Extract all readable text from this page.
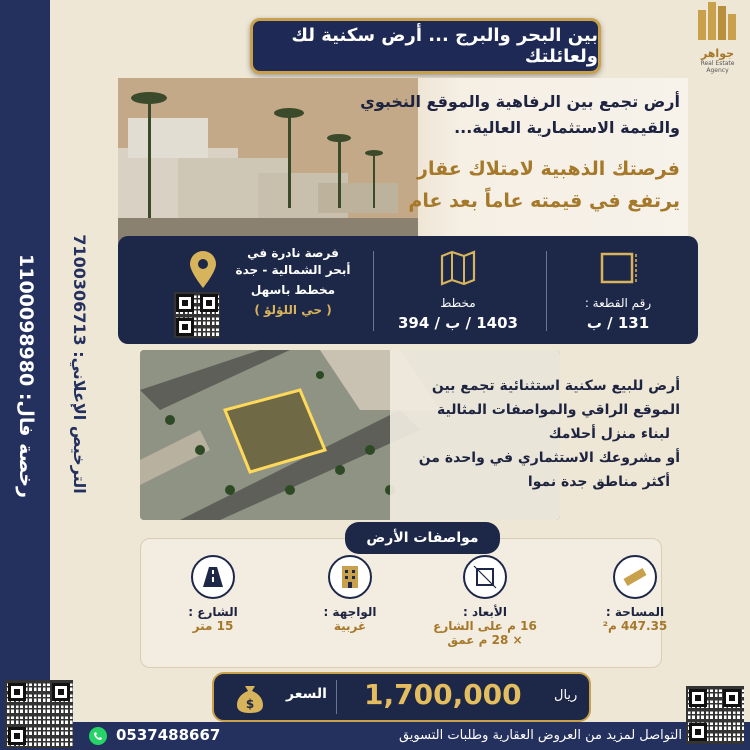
رخصة فال: 1100098980
الترخيص الإعلاني: 7100306713
بين البحر والبرج ... أرض سكنية لك ولعائلتك	جواهر
Real Estate Agency
أرض تجمع بين الرفاهية والموقع النخبوي
والقيمة الاستثمارية العالية...
فرصتك الذهبية لامتلاك عقار
يرتفع في قيمته عاماً بعد عام
رقم القطعة :
131 / ب
مخطط
1403 / ب / 394
فرصة نادرة في
أبحر الشمالية - جدة
مخطط باسهل
( حي اللؤلؤ )
أرض للبيع سكنية استثنائية تجمع بين
الموقع الراقي والمواصفات المثالية
لبناء منزل أحلامك
أو مشروعك الاستثماري في واحدة من
أكثر مناطق جدة نموا
مواصفات الأرض
المساحة :
447.35 م²
الأبعاد :
16 م على الشارع
× 28 م عمق
الواجهة :
غربية
الشارع :
15 متر
ريال
1,700,000
السعر
$
0537488667	التواصل لمزيد من العروض العقارية وطلبات التسويق
